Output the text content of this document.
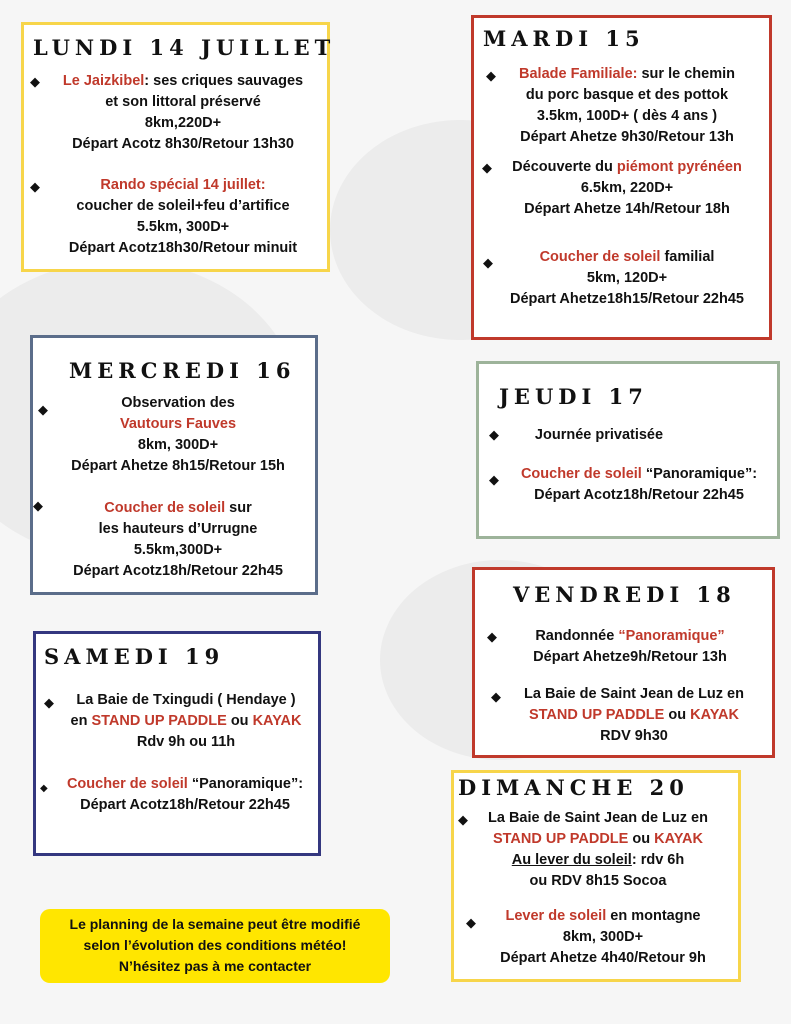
LUNDI 14 JUILLET
◆	Le Jaizkibel: ses criques sauvages
et son littoral préservé
8km,220D+
Départ Acotz 8h30/Retour 13h30
◆	Rando spécial 14 juillet:
coucher de soleil+feu d’artifice
5.5km, 300D+
Départ Acotz18h30/Retour minuit
MARDI 15
◆	Balade Familiale: sur le chemin
du porc basque et des pottok
3.5km, 100D+ ( dès 4 ans )
Départ Ahetze 9h30/Retour 13h
◆	Découverte du piémont pyrénéen
6.5km, 220D+
Départ Ahetze 14h/Retour 18h
◆	Coucher de soleil familial
5km, 120D+
Départ Ahetze18h15/Retour 22h45
MERCREDI 16
◆	Observation des
Vautours Fauves
8km, 300D+
Départ Ahetze 8h15/Retour 15h
◆	Coucher de soleil sur
les hauteurs d’Urrugne
5.5km,300D+
Départ Acotz18h/Retour 22h45
JEUDI 17
◆	Journée privatisée
◆	Coucher de soleil “Panoramique”:
Départ Acotz18h/Retour 22h45
VENDREDI 18
◆	Randonnée “Panoramique”
Départ Ahetze9h/Retour 13h
◆	La Baie de Saint Jean de Luz en
STAND UP PADDLE ou KAYAK
RDV 9h30
SAMEDI 19
◆	La Baie de Txingudi ( Hendaye )
en STAND UP PADDLE ou KAYAK
Rdv 9h ou 11h
◆	Coucher de soleil “Panoramique”:
Départ Acotz18h/Retour 22h45
DIMANCHE 20
◆	La Baie de Saint Jean de Luz en
STAND UP PADDLE ou KAYAK
Au lever du soleil: rdv 6h
ou RDV 8h15 Socoa
◆	Lever de soleil en montagne
8km, 300D+
Départ Ahetze 4h40/Retour 9h
Le planning de la semaine peut être modifié
selon l’évolution des conditions météo!
N’hésitez pas à me contacter
